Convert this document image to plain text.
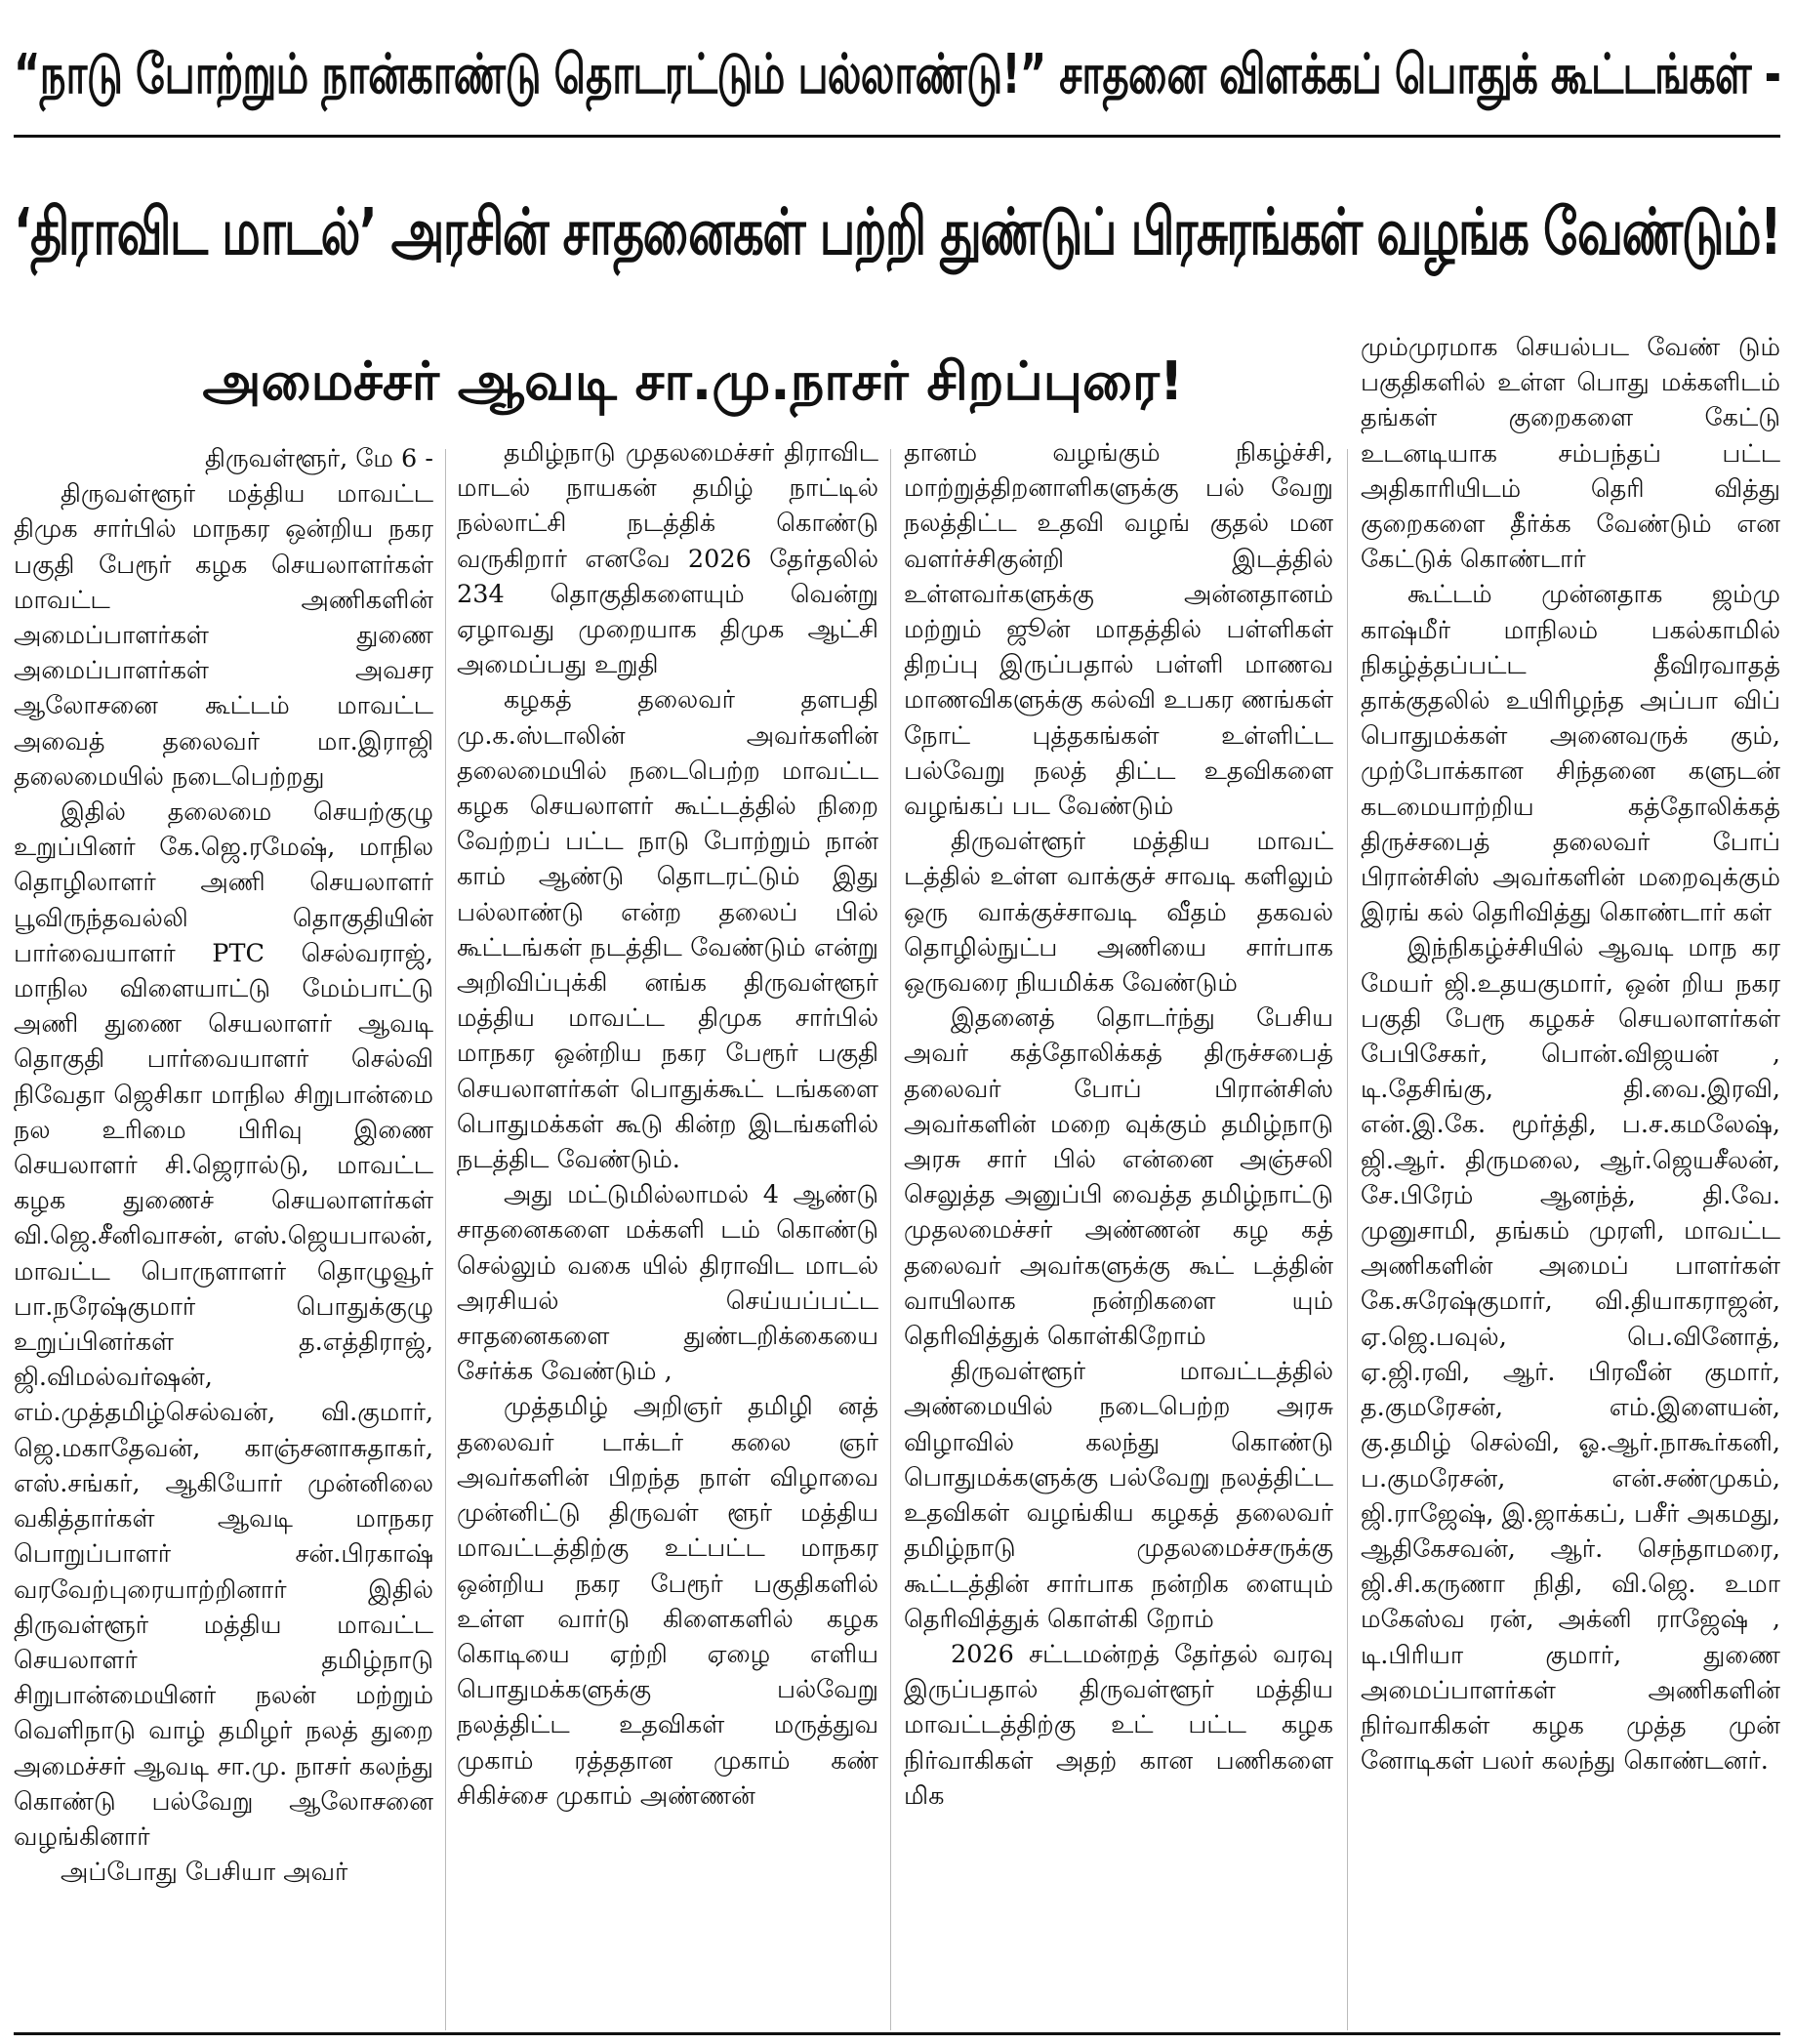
“நாடு போற்றும் நான்காண்டு தொடரட்டும் பல்லாண்டு!” சாதனை விளக்கப் பொதுக் கூட்டங்கள் -
‘திராவிட மாடல்’ அரசின் சாதனைகள் பற்றி துண்டுப் பிரசுரங்கள் வழங்க வேண்டும்!
அமைச்சர் ஆவடி சா.மு.நாசர் சிறப்புரை!

திருவள்ளூர், மே 6 -

திருவள்ளூர் மத்திய மாவட்ட திமுக சார்பில் மாநகர ஒன்றிய நகர பகுதி பேரூர் கழக செயலாளர்கள் மாவட்ட அணிகளின் அமைப்பாளர்கள் துணை அமைப்பாளர்கள் அவசர ஆலோசனை கூட்டம் மாவட்ட அவைத் தலைவர் மா.இராஜி தலைமையில் நடைபெற்றது

இதில் தலைமை செயற்குழு உறுப்பினர் கே.ஜெ.ரமேஷ், மாநில தொழிலாளர் அணி செயலாளர் பூவிருந்தவல்லி தொகுதியின் பார்வையாளர் PTC செல்வராஜ், மாநில விளையாட்டு மேம்பாட்டு அணி துணை செயலாளர் ஆவடி தொகுதி பார்வையாளர் செல்வி நிவேதா ஜெசிகா மாநில சிறுபான்மை நல உரிமை பிரிவு இணை செயலாளர் சி.ஜெரால்டு, மாவட்ட கழக துணைச் செயலாளர்கள் வி.ஜெ.சீனிவாசன், எஸ்.ஜெயபாலன், மாவட்ட பொருளாளர் தொழுவூர் பா.நரேஷ்குமார் பொதுக்குழு உறுப்பினர்கள் த.எத்திராஜ், ஜி.விமல்வர்ஷன், எம்.முத்தமிழ்செல்வன், வி.குமார், ஜெ.மகாதேவன், காஞ்சனாசுதாகர், எஸ்.சங்கர், ஆகியோர் முன்னிலை வகித்தார்கள் ஆவடி மாநகர பொறுப்பாளர் சன்.பிரகாஷ் வரவேற்புரையாற்றினார் இதில் திருவள்ளூர் மத்திய மாவட்ட செயலாளர் தமிழ்நாடு சிறுபான்மையினர் நலன் மற்றும் வெளிநாடு வாழ் தமிழர் நலத் துறை அமைச்சர் ஆவடி சா.மு. நாசர் கலந்து கொண்டு பல்வேறு ஆலோசனை வழங்கினார்

அப்போது பேசியா அவர்

தமிழ்நாடு முதலமைச்சர் திராவிட மாடல் நாயகன் தமிழ் நாட்டில் நல்லாட்சி நடத்திக் கொண்டு வருகிறார் எனவே 2026 தேர்தலில் 234 தொகுதிகளையும் வென்று ஏழாவது முறையாக திமுக ஆட்சி அமைப்பது உறுதி

கழகத் தலைவர் தளபதி மு.க.ஸ்டாலின் அவர்களின் தலைமையில் நடைபெற்ற மாவட்ட கழக செயலாளர் கூட்டத்தில் நிறை வேற்றப் பட்ட நாடு போற்றும் நான் காம் ஆண்டு தொடரட்டும் இது பல்லாண்டு என்ற தலைப் பில் கூட்டங்கள் நடத்திட வேண்டும் என்று அறிவிப்புக்கி னங்க திருவள்ளூர் மத்திய மாவட்ட திமுக சார்பில் மாநகர ஒன்றிய நகர பேரூர் பகுதி செயலாளர்கள் பொதுக்கூட் டங்களை பொதுமக்கள் கூடு கின்ற இடங்களில் நடத்திட வேண்டும்.

அது மட்டுமில்லாமல் 4 ஆண்டு சாதனைகளை மக்களி டம் கொண்டு செல்லும் வகை யில் திராவிட மாடல் அரசியல் செய்யப்பட்ட சாதனைகளை துண்டறிக்கையை சேர்க்க வேண்டும் ,

முத்தமிழ் அறிஞர் தமிழி னத் தலைவர் டாக்டர் கலை ஞர் அவர்களின் பிறந்த நாள் விழாவை முன்னிட்டு திருவள் ளூர் மத்திய மாவட்டத்திற்கு உட்பட்ட மாநகர ஒன்றிய நகர பேரூர் பகுதிகளில் உள்ள வார்டு கிளைகளில் கழக கொடியை ஏற்றி ஏழை எளிய பொதுமக்களுக்கு பல்வேறு நலத்திட்ட உதவிகள் மருத்துவ முகாம் ரத்ததான முகாம் கண் சிகிச்சை முகாம் அண்ணன்

தானம் வழங்கும் நிகழ்ச்சி, மாற்றுத்திறனாளிகளுக்கு பல் வேறு நலத்திட்ட உதவி வழங் குதல் மன வளர்ச்சிகுன்றி இடத்தில் உள்ளவர்களுக்கு அன்னதானம் மற்றும் ஜூன் மாதத்தில் பள்ளிகள் திறப்பு இருப்பதால் பள்ளி மாணவ மாணவிகளுக்கு கல்வி உபகர ணங்கள் நோட் புத்தகங்கள் உள்ளிட்ட பல்வேறு நலத் திட்ட உதவிகளை வழங்கப் பட வேண்டும்

திருவள்ளூர் மத்திய மாவட் டத்தில் உள்ள வாக்குச் சாவடி களிலும் ஒரு வாக்குச்சாவடி வீதம் தகவல் தொழில்நுட்ப அணியை சார்பாக ஒருவரை நியமிக்க வேண்டும்

இதனைத் தொடர்ந்து பேசிய அவர் கத்தோலிக்கத் திருச்சபைத் தலைவர் போப் பிரான்சிஸ் அவர்களின் மறை வுக்கும் தமிழ்நாடு அரசு சார் பில் என்னை அஞ்சலி செலுத்த அனுப்பி வைத்த தமிழ்நாட்டு முதலமைச்சர் அண்ணன் கழ கத் தலைவர் அவர்களுக்கு கூட் டத்தின் வாயிலாக நன்றிகளை யும் தெரிவித்துக் கொள்கிறோம்

திருவள்ளூர் மாவட்டத்தில் அண்மையில் நடைபெற்ற அரசு விழாவில் கலந்து கொண்டு பொதுமக்களுக்கு பல்வேறு நலத்திட்ட உதவிகள் வழங்கிய கழகத் தலைவர் தமிழ்நாடு முதலமைச்சருக்கு கூட்டத்தின் சார்பாக நன்றிக ளையும் தெரிவித்துக் கொள்கி றோம்

2026 சட்டமன்றத் தேர்தல் வரவு இருப்பதால் திருவள்ளூர் மத்திய மாவட்டத்திற்கு உட் பட்ட கழக நிர்வாகிகள் அதற் கான பணிகளை மிக

மும்முரமாக செயல்பட வேண் டும் பகுதிகளில் உள்ள பொது மக்களிடம் தங்கள் குறைகளை கேட்டு உடனடியாக சம்பந்தப் பட்ட அதிகாரியிடம் தெரி வித்து குறைகளை தீர்க்க வேண்டும் என கேட்டுக் கொண்டார்

கூட்டம் முன்னதாக ஜம்மு காஷ்மீர் மாநிலம் பகல்காமில் நிகழ்த்தப்பட்ட தீவிரவாதத் தாக்குதலில் உயிரிழந்த அப்பா விப் பொதுமக்கள் அனைவருக் கும், முற்போக்கான சிந்தனை களுடன் கடமையாற்றிய கத்தோலிக்கத் திருச்சபைத் தலைவர் போப் பிரான்சிஸ் அவர்களின் மறைவுக்கும் இரங் கல் தெரிவித்து கொண்டார் கள்

இந்நிகழ்ச்சியில் ஆவடி மாந கர மேயர் ஜி.உதயகுமார், ஒன் றிய நகர பகுதி பேரூ கழகச் செயலாளர்கள் பேபிசேகர், பொன்.விஜயன் , டி.தேசிங்கு, தி.வை.இரவி, என்.இ.கே. மூர்த்தி, ப.ச.கமலேஷ், ஜி.ஆர். திருமலை, ஆர்.ஜெயசீலன், சே.பிரேம் ஆனந்த், தி.வே. முனுசாமி, தங்கம் முரளி, மாவட்ட அணிகளின் அமைப் பாளர்கள் கே.சுரேஷ்குமார், வி.தியாகராஜன், ஏ.ஜெ.பவுல், பெ.வினோத், ஏ.ஜி.ரவி, ஆர். பிரவீன் குமார், த.குமரேசன், எம்.இளையன், கு.தமிழ் செல்வி, ஓ.ஆர்.நாகூர்கனி, ப.குமரேசன், என்.சண்முகம், ஜி.ராஜேஷ், இ.ஜாக்கப், பசீர் அகமது, ஆதிகேசவன், ஆர். செந்தாமரை, ஜி.சி.கருணா நிதி, வி.ஜெ. உமா மகேஸ்வ ரன், அக்னி ராஜேஷ் , டி.பிரியா குமார், துணை அமைப்பாளர்கள் அணிகளின் நிர்வாகிகள் கழக முத்த முன் னோடிகள் பலர் கலந்து கொண்டனர்.
